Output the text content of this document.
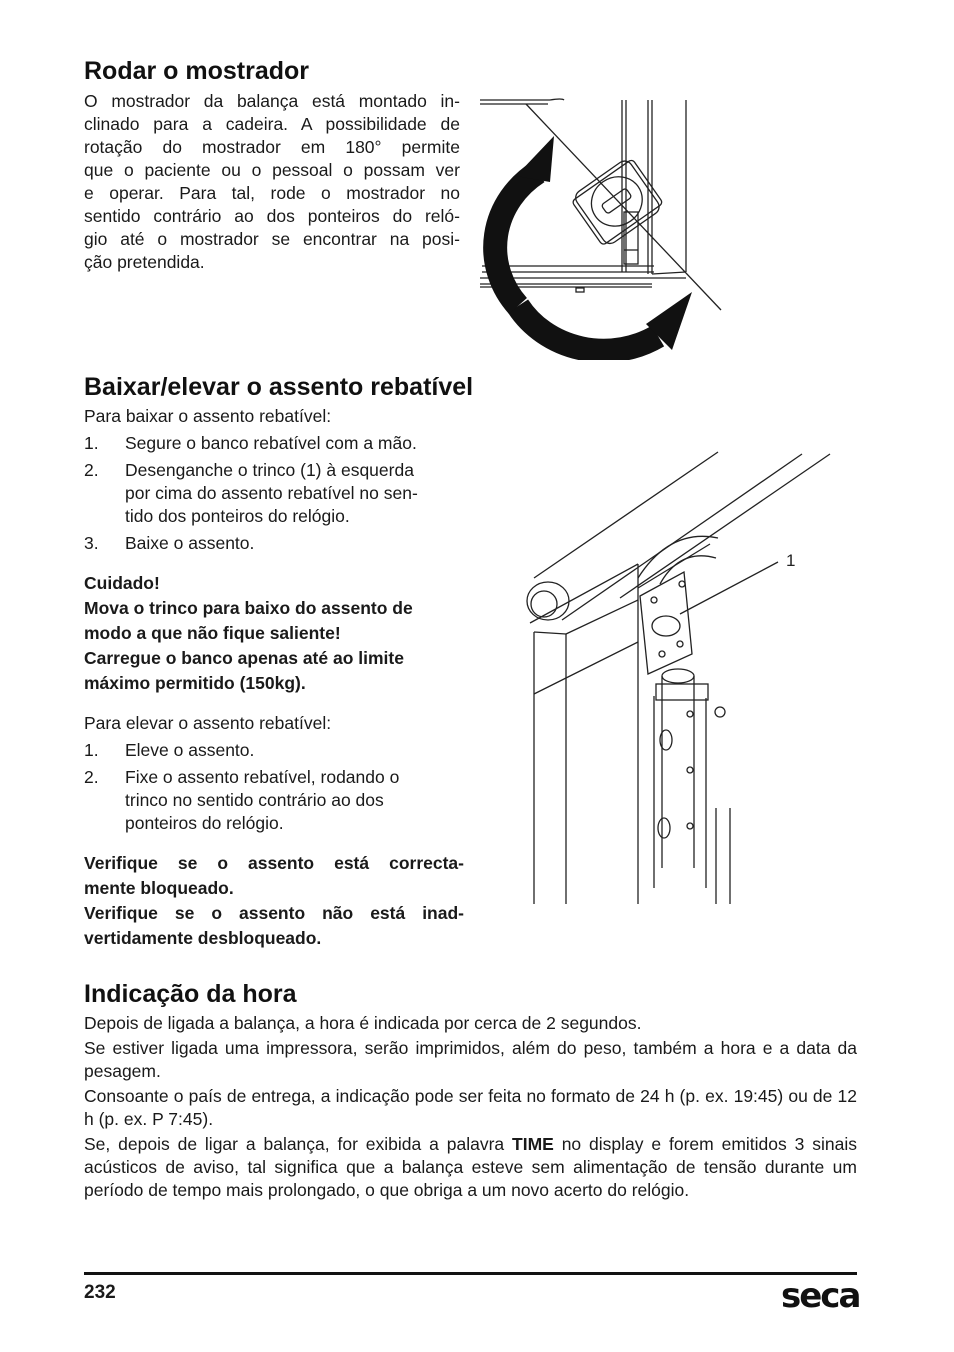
Rodar o mostrador

O mostrador da balança está montado in-

clinado para a cadeira. A possibilidade de

rotação do mostrador em 180° permite

que o paciente ou o pessoal o possam ver

e operar. Para tal, rode o mostrador no

sentido contrário ao dos ponteiros do reló-

gio até o mostrador se encontrar na posi-

ção pretendida.

Baixar/elevar o assento rebatível

Para baixar o assento rebatível:

1. Segure o banco rebatível com a mão.
2. Desenganche o trinco (1) à esquerda por cima do assento rebatível no sen- tido dos ponteiros do relógio.
3. Baixe o assento.

Cuidado!

Mova o trinco para baixo do assento de

modo a que não fique saliente!

Carregue o banco apenas até ao limite

máximo permitido (150kg).

Para elevar o assento rebatível:

1. Eleve o assento.
2. Fixe o assento rebatível, rodando o trinco no sentido contrário ao dos ponteiros do relógio.

Verifique se o assento está correcta-

mente bloqueado.

Verifique se o assento não está inad-

vertidamente desbloqueado.

1
Indicação da hora

Depois de ligada a balança, a hora é indicada por cerca de 2 segundos.

Se estiver ligada uma impressora, serão imprimidos, além do peso, também a hora e a data da pesagem.

Consoante o país de entrega, a indicação pode ser feita no formato de 24 h (p. ex. 19:45) ou de 12 h (p. ex. P 7:45).

Se, depois de ligar a balança, for exibida a palavra TIME no display e forem emitidos 3 sinais acústicos de aviso, tal significa que a balança esteve sem alimentação de tensão durante um período de tempo mais prolongado, o que obriga a um novo acerto do relógio.

232	seca
